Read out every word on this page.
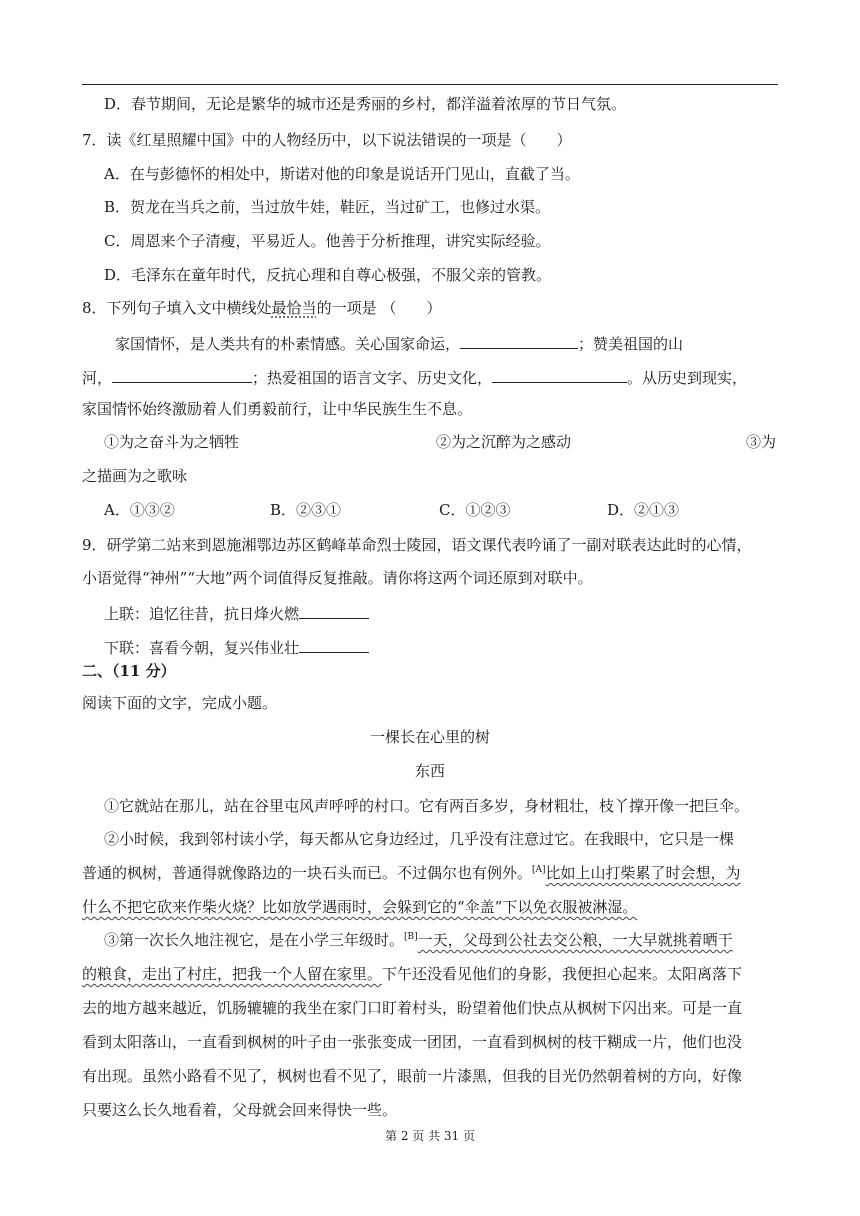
D．春节期间，无论是繁华的城市还是秀丽的乡村，都洋溢着浓厚的节日气氛。
7．读《红星照耀中国》中的人物经历中，以下说法错误的一项是（　　）
A．在与彭德怀的相处中，斯诺对他的印象是说话开门见山，直截了当。
B．贺龙在当兵之前，当过放牛娃，鞋匠，当过矿工，也修过水渠。
C．周恩来个子清瘦，平易近人。他善于分析推理，讲究实际经验。
D．毛泽东在童年时代，反抗心理和自尊心极强，不服父亲的管教。
8．下列句子填入文中横线处最恰当的一项是 （　　）
家国情怀，是人类共有的朴素情感。关心国家命运，	；赞美祖国的山
河，	；热爱祖国的语言文字、历史文化，	。从历史到现实，
家国情怀始终激励着人们勇毅前行，让中华民族生生不息。
①为之奋斗为之牺牲	②为之沉醉为之感动	③为
之描画为之歌咏
A．①③②	B．②③①	C．①②③	D．②①③
9．研学第二站来到恩施湘鄂边苏区鹤峰革命烈士陵园，语文课代表吟诵了一副对联表达此时的心情，
小语觉得“神州”“大地”两个词值得反复推敲。请你将这两个词还原到对联中。
上联：追忆往昔，抗日烽火燃
下联：喜看今朝，复兴伟业壮
二、（11 分）
阅读下面的文字，完成小题。
一棵长在心里的树
东西
①它就站在那儿，站在谷里屯风声呼呼的村口。它有两百多岁，身材粗壮，枝丫撑开像一把巨伞。
②小时候，我到邻村读小学，每天都从它身边经过，几乎没有注意过它。在我眼中，它只是一棵
普通的枫树，普通得就像路边的一块石头而已。不过偶尔也有例外。[A]比如上山打柴累了时会想，为
什么不把它砍来作柴火烧？比如放学遇雨时，会躲到它的“伞盖”下以免衣服被淋湿。
③第一次长久地注视它，是在小学三年级时。[B]一天，父母到公社去交公粮，一大早就挑着晒干
的粮食，走出了村庄，把我一个人留在家里。下午还没看见他们的身影，我便担心起来。太阳离落下
去的地方越来越近，饥肠辘辘的我坐在家门口盯着村头，盼望着他们快点从枫树下闪出来。可是一直
看到太阳落山，一直看到枫树的叶子由一张张变成一团团，一直看到枫树的枝干糊成一片，他们也没
有出现。虽然小路看不见了，枫树也看不见了，眼前一片漆黑，但我的目光仍然朝着树的方向，好像
只要这么长久地看着，父母就会回来得快一些。
第 2 页 共 31 页
